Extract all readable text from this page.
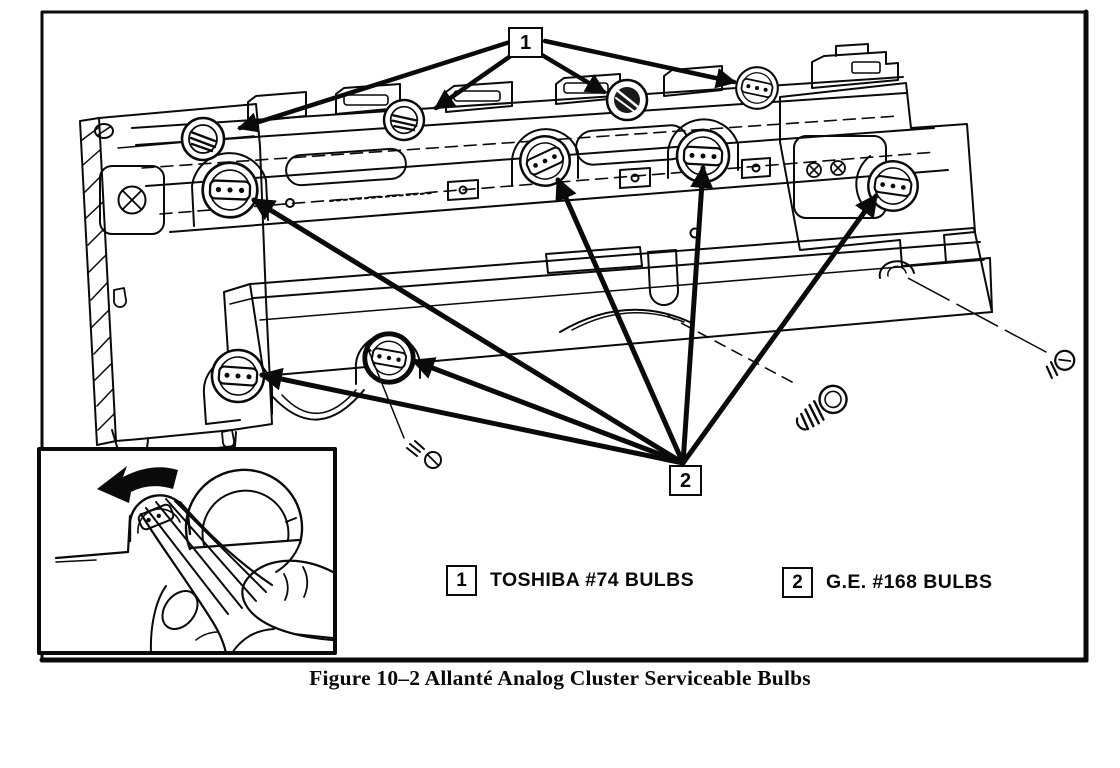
1
2
1	TOSHIBA #74 BULBS	2	G.E. #168 BULBS
Figure 10–2 Allanté Analog Cluster Serviceable Bulbs
